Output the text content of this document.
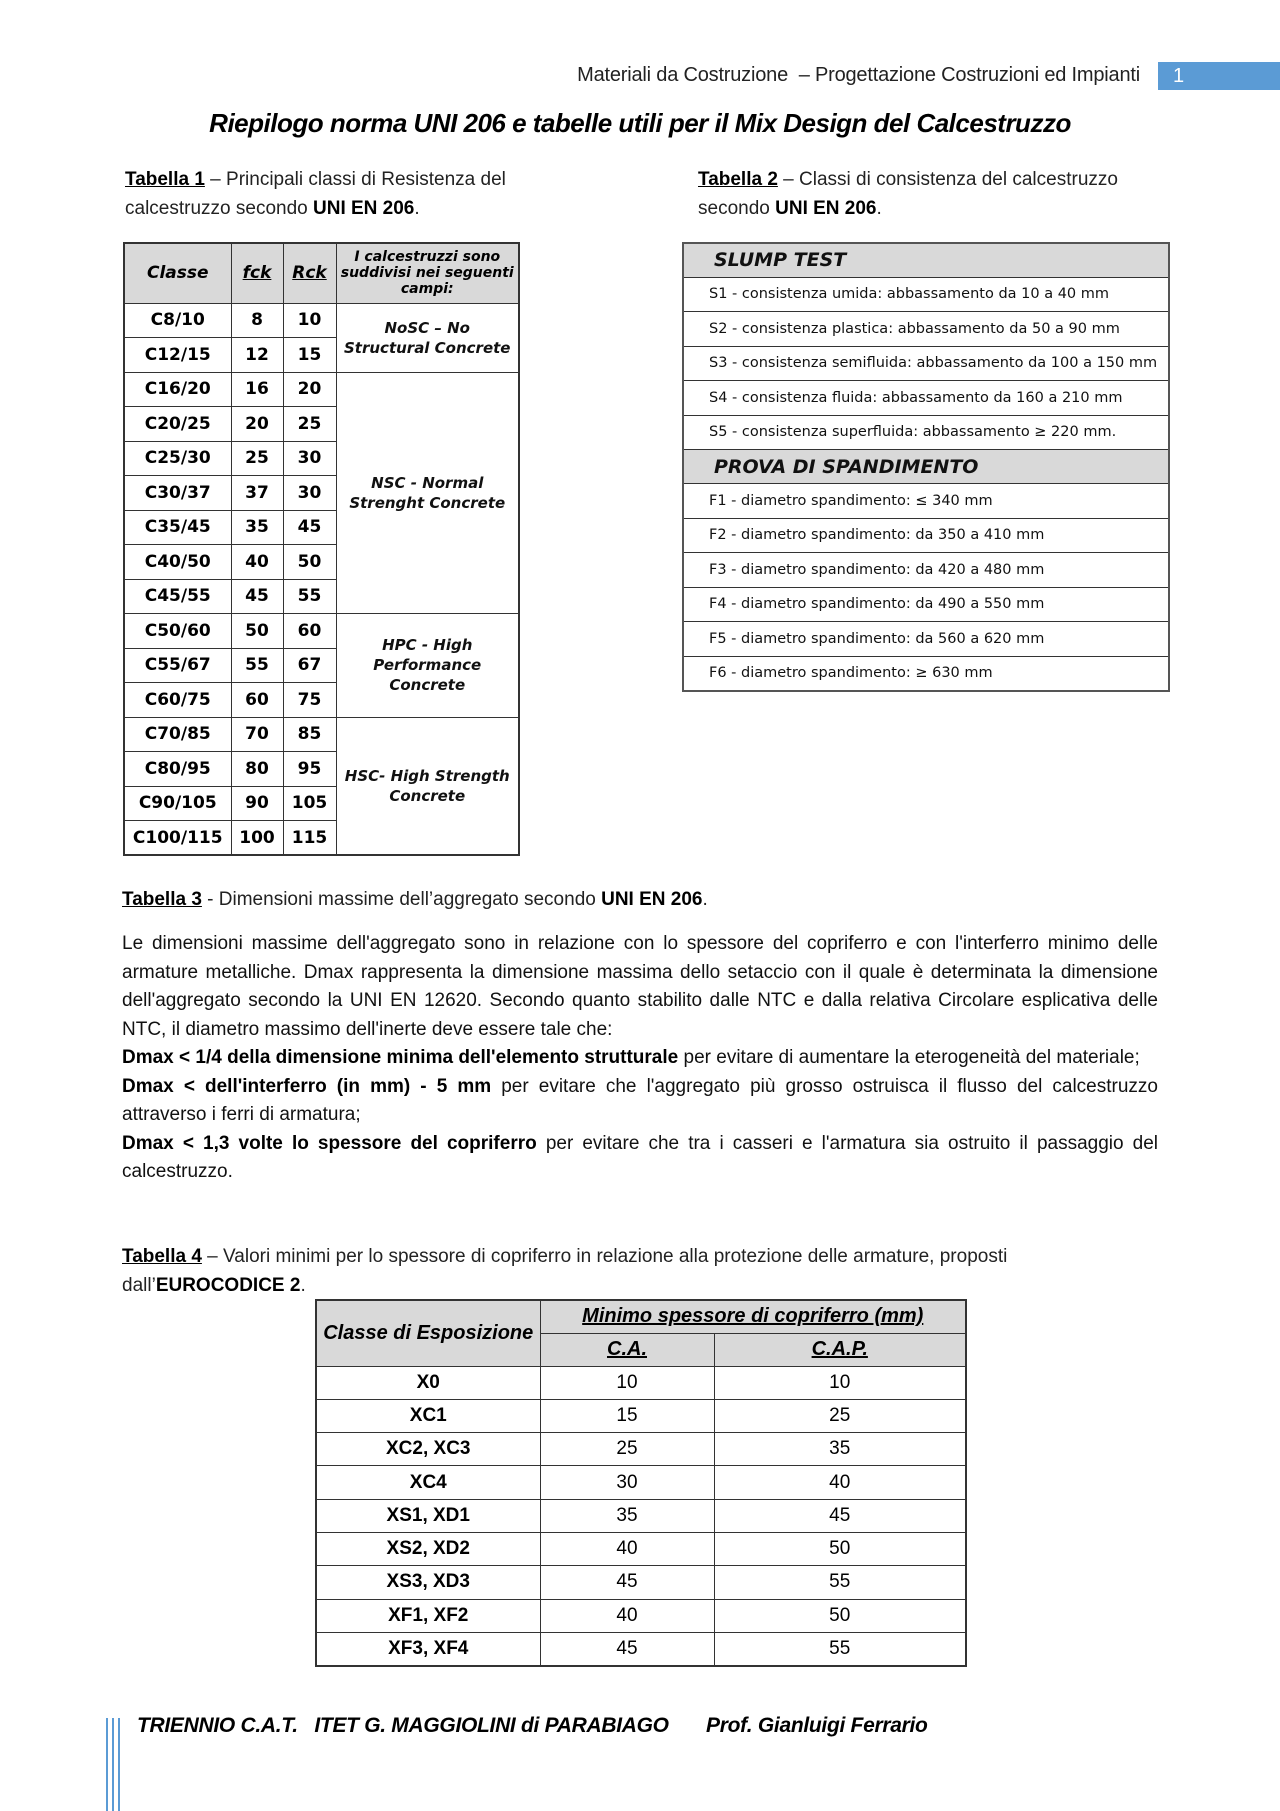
Materiali da Costruzione  – Progettazione Costruzioni ed Impianti	1
Riepilogo norma UNI 206 e tabelle utili per il Mix Design del Calcestruzzo
Tabella 1 – Principali classi di Resistenza del calcestruzzo secondo UNI EN 206.
Classe	fck	Rck	I calcestruzzi sono suddivisi nei seguenti campi:
C8/10	8	10	NoSC – No Structural Concrete
C12/15	12	15	
C16/20	16	20	NSC - Normal Strenght Concrete
C20/25	20	25	
C25/30	25	30	
C30/37	37	30	
C35/45	35	45	
C40/50	40	50	
C45/55	45	55	
C50/60	50	60	HPC - High Performance Concrete
C55/67	55	67	
C60/75	60	75	
C70/85	70	85	HSC- High Strength Concrete
C80/95	80	95	
C90/105	90	105	
C100/115	100	115	
Tabella 2 – Classi di consistenza del calcestruzzo secondo UNI EN 206.
SLUMP TEST
S1 - consistenza umida: abbassamento da 10 a 40 mm
S2 - consistenza plastica: abbassamento da 50 a 90 mm
S3 - consistenza semifluida: abbassamento da 100 a 150 mm
S4 - consistenza fluida: abbassamento da 160 a 210 mm
S5 - consistenza superfluida: abbassamento ≥ 220 mm.
PROVA DI SPANDIMENTO
F1 - diametro spandimento: ≤ 340 mm
F2 - diametro spandimento: da 350 a 410 mm
F3 - diametro spandimento: da 420 a 480 mm
F4 - diametro spandimento: da 490 a 550 mm
F5 - diametro spandimento: da 560 a 620 mm
F6 - diametro spandimento: ≥ 630 mm
Tabella 3 - Dimensioni massime dell’aggregato secondo UNI EN 206.

Le dimensioni massime dell'aggregato sono in relazione con lo spessore del copriferro e con l'interferro minimo delle armature metalliche. Dmax rappresenta la dimensione massima dello setaccio con il quale è determinata la dimensione dell'aggregato secondo la UNI EN 12620. Secondo quanto stabilito dalle NTC e dalla relativa Circolare esplicativa delle NTC, il diametro massimo dell'inerte deve essere tale che:

Dmax < 1/4 della dimensione minima dell'elemento strutturale per evitare di aumentare la eterogeneità del materiale;

Dmax < dell'interferro (in mm) - 5 mm per evitare che l'aggregato più grosso ostruisca il flusso del calcestruzzo attraverso i ferri di armatura;

Dmax < 1,3 volte lo spessore del copriferro per evitare che tra i casseri e l'armatura sia ostruito il passaggio del calcestruzzo.

Tabella 4 – Valori minimi per lo spessore di copriferro in relazione alla protezione delle armature, proposti dall’EUROCODICE 2.
Classe di Esposizione	Minimo spessore di copriferro (mm)	
	C.A.	C.A.P.
X0	10	10
XC1	15	25
XC2, XC3	25	35
XC4	30	40
XS1, XD1	35	45
XS2, XD2	40	50
XS3, XD3	45	55
XF1, XF2	40	50
XF3, XF4	45	55
TRIENNIO C.A.T.   ITET G. MAGGIOLINI di PARABIAGO Prof. Gianluigi Ferrario
